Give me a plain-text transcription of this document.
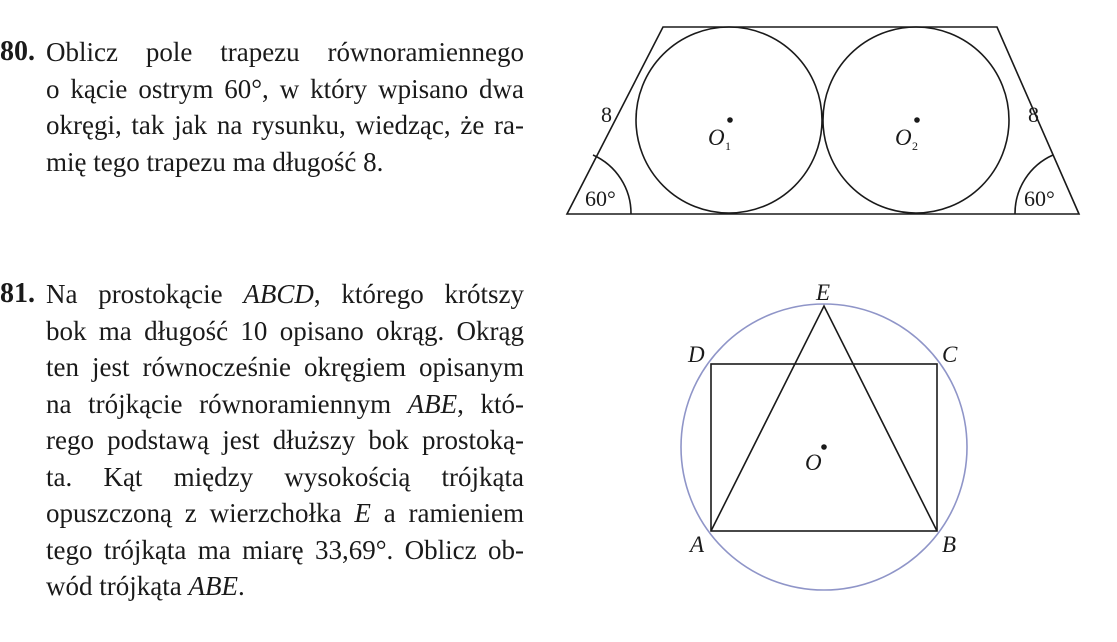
80. Oblicz pole trapezu równoramiennego
o kącie ostrym 60°, w który wpisano dwa
okręgi, tak jak na rysunku, wiedząc, że ra-
mię tego trapezu ma długość 8.
8	8
60°	60°
O 1	O 2
81. Na prostokącie ABCD, którego krótszy
bok ma długość 10 opisano okrąg. Okrąg
ten jest równocześnie okręgiem opisanym
na trójkącie równoramiennym ABE, któ-
rego podstawą jest dłuższy bok prostoką-
ta. Kąt między wysokością trójkąta
opuszczoną z wierzchołka E a ramieniem
tego trójkąta ma miarę 33,69°. Oblicz ob-
wód trójkąta ABE.
E
D	C
O
A	B
